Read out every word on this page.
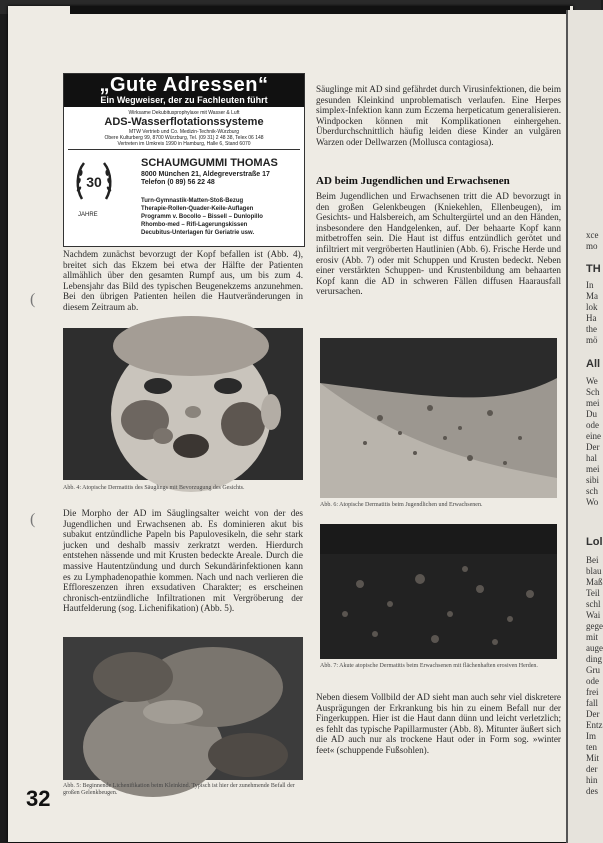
„Gute Adressen“
Ein Wegweiser, der zu Fachleuten führt
Wirksame Dekubitusprophylaxe mit Wasser & Luft
ADS-Wasserflotationssysteme
MTW Vertrieb und Co. Medizin-Technik-Würzburg
Obere Kulturberg 99, 8700 Würzburg, Tel. (09 31) 2 48 38, Telex 06 148
Vertreten im Umkreis 1990 in Hamburg, Halle 6, Stand 6070
30
JAHRE
SCHAUMGUMMI THOMAS
8000 München 21, Aldegreverstraße 17
Telefon (0 89) 56 22 48
Turn-Gymnastik-Matten-Stoß-Bezug
Therapie-Rollen-Quader-Keile-Auflagen
Programm v. Bocollo – Bissell – Dunlopillo
Rhombo-med – Rifi-Lagerungskissen
Decubitus-Unterlagen für Geriatrie usw.
Nachdem zunächst bevorzugt der Kopf befallen ist (Abb. 4), breitet sich das Ekzem bei etwa der Hälfte der Patienten allmählich über den gesamten Rumpf aus, um bis zum 4. Lebensjahr das Bild des typischen Beugenekzems anzunehmen. Bei den übrigen Patienten heilen die Hautveränderungen in diesem Zeitraum ab.
Abb. 4: Atopische Dermatitis des Säuglings mit Bevorzugung des Gesichts.
Die Morpho der AD im Säuglingsalter weicht von der des Jugendlichen und Erwachsenen ab. Es dominieren akut bis subakut entzündliche Papeln bis Papulovesikeln, die sehr stark jucken und deshalb massiv zerkratzt werden. Hierdurch entstehen nässende und mit Krusten bedeckte Areale. Durch die massive Hautentzündung und durch Sekundärinfektionen kann es zu Lymphadenopathie kommen. Nach und nach verlieren die Effloreszenzen ihren exsudativen Charakter; es erscheinen chronisch-entzündliche Infiltrationen mit Vergröberung der Hautfelderung (sog. Lichenifikation) (Abb. 5).
Abb. 5: Beginnende Lichenifikation beim Kleinkind. Typisch ist hier der zunehmende Befall der großen Gelenkbeugen.
Säuglinge mit AD sind gefährdet durch Virusinfektionen, die beim gesunden Kleinkind unproblematisch verlaufen. Eine Herpes simplex-Infektion kann zum Eczema herpeticatum generalisieren. Windpocken können mit Komplikationen einhergehen. Überdurchschnittlich häufig leiden diese Kinder an vulgären Warzen oder Dellwarzen (Mollusca contagiosa).
AD beim Jugendlichen und Erwachsenen
Beim Jugendlichen und Erwachsenen tritt die AD bevorzugt in den großen Gelenkbeugen (Kniekehlen, Ellenbeugen), im Gesichts- und Halsbereich, am Schultergürtel und an den Händen, insbesondere den Handgelenken, auf. Der behaarte Kopf kann mitbetroffen sein. Die Haut ist diffus entzündlich gerötet und infiltriert mit vergröberten Hautlinien (Abb. 6). Frische Herde und erosiv (Abb. 7) oder mit Schuppen und Krusten bedeckt. Neben einer verstärkten Schuppen- und Krustenbildung am behaarten Kopf kann die AD in schweren Fällen diffusen Haarausfall verursachen.
Abb. 6: Atopische Dermatitis beim Jugendlichen und Erwachsenen.
Abb. 7: Akute atopische Dermatitis beim Erwachsenen mit flächenhaften erosiven Herden.
Neben diesem Vollbild der AD sieht man auch sehr viel diskretere Ausprägungen der Erkrankung bis hin zu einem Befall nur der Fingerkuppen. Hier ist die Haut dann dünn und leicht verletzlich; es fehlt das typische Papillarmuster (Abb. 8). Mitunter äußert sich die AD auch nur als trockene Haut oder in Form sog. »winter feet« (schuppende Fußsohlen).
32
(
(
xce
mo
TH
In
Ma
lok
Ha
the
mö
All
We
Sch
mei
Du
ode
eine
Der
hal
mei
sibi
sch
Wo
Lol
Bei
blau
Maß
Teil
schl
Wai
gege
mit
auge
ding
Gru
ode
frei
fall
Der
Entz
Im
ten
Mit
der
hin
des
